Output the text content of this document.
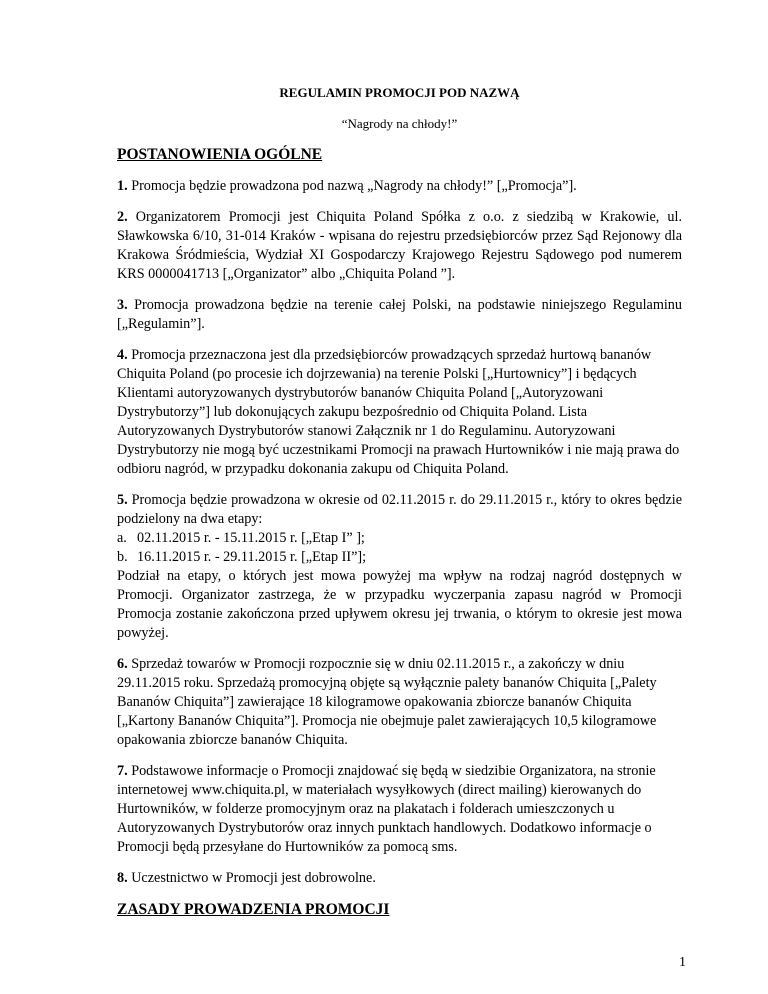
REGULAMIN PROMOCJI POD NAZWĄ

“Nagrody na chłody!”

POSTANOWIENIA OGÓLNE

1. Promocja będzie prowadzona pod nazwą „Nagrody na chłody!” [„Promocja”].

2. Organizatorem Promocji jest Chiquita Poland Spółka z o.o. z siedzibą w Krakowie, ul. Sławkowska 6/10, 31-014 Kraków - wpisana do rejestru przedsiębiorców przez Sąd Rejonowy dla Krakowa Śródmieścia, Wydział XI Gospodarczy Krajowego Rejestru Sądowego pod numerem KRS 0000041713 [„Organizator” albo „Chiquita Poland ”].

3. Promocja prowadzona będzie na terenie całej Polski, na podstawie niniejszego Regulaminu [„Regulamin”].

4. Promocja przeznaczona jest dla przedsiębiorców prowadzących sprzedaż hurtową bananów Chiquita Poland (po procesie ich dojrzewania) na terenie Polski [„Hurtownicy”] i będących Klientami autoryzowanych dystrybutorów bananów Chiquita Poland [„Autoryzowani Dystrybutorzy”] lub dokonujących zakupu bezpośrednio od Chiquita Poland. Lista Autoryzowanych Dystrybutorów stanowi Załącznik nr 1 do Regulaminu. Autoryzowani Dystrybutorzy nie mogą być uczestnikami Promocji na prawach Hurtowników i nie mają prawa do odbioru nagród, w przypadku dokonania zakupu od Chiquita Poland.

5. Promocja będzie prowadzona w okresie od 02.11.2015 r. do 29.11.2015 r., który to okres będzie podzielony na dwa etapy:
a. 02.11.2015 r. - 15.11.2015 r. [„Etap I” ];
b. 16.11.2015 r. - 29.11.2015 r. [„Etap II”];
Podział na etapy, o których jest mowa powyżej ma wpływ na rodzaj nagród dostępnych w Promocji. Organizator zastrzega, że w przypadku wyczerpania zapasu nagród w Promocji Promocja zostanie zakończona przed upływem okresu jej trwania, o którym to okresie jest mowa powyżej.

6. Sprzedaż towarów w Promocji rozpocznie się w dniu 02.11.2015 r., a zakończy w dniu 29.11.2015 roku. Sprzedażą promocyjną objęte są wyłącznie palety bananów Chiquita [„Palety Bananów Chiquita”] zawierające 18 kilogramowe opakowania zbiorcze bananów Chiquita [„Kartony Bananów Chiquita”]. Promocja nie obejmuje palet zawierających 10,5 kilogramowe opakowania zbiorcze bananów Chiquita.

7. Podstawowe informacje o Promocji znajdować się będą w siedzibie Organizatora, na stronie internetowej www.chiquita.pl, w materiałach wysyłkowych (direct mailing) kierowanych do Hurtowników, w folderze promocyjnym oraz na plakatach i folderach umieszczonych u Autoryzowanych Dystrybutorów oraz innych punktach handlowych. Dodatkowo informacje o Promocji będą przesyłane do Hurtowników za pomocą sms.

8. Uczestnictwo w Promocji jest dobrowolne.

ZASADY PROWADZENIA PROMOCJI
1
